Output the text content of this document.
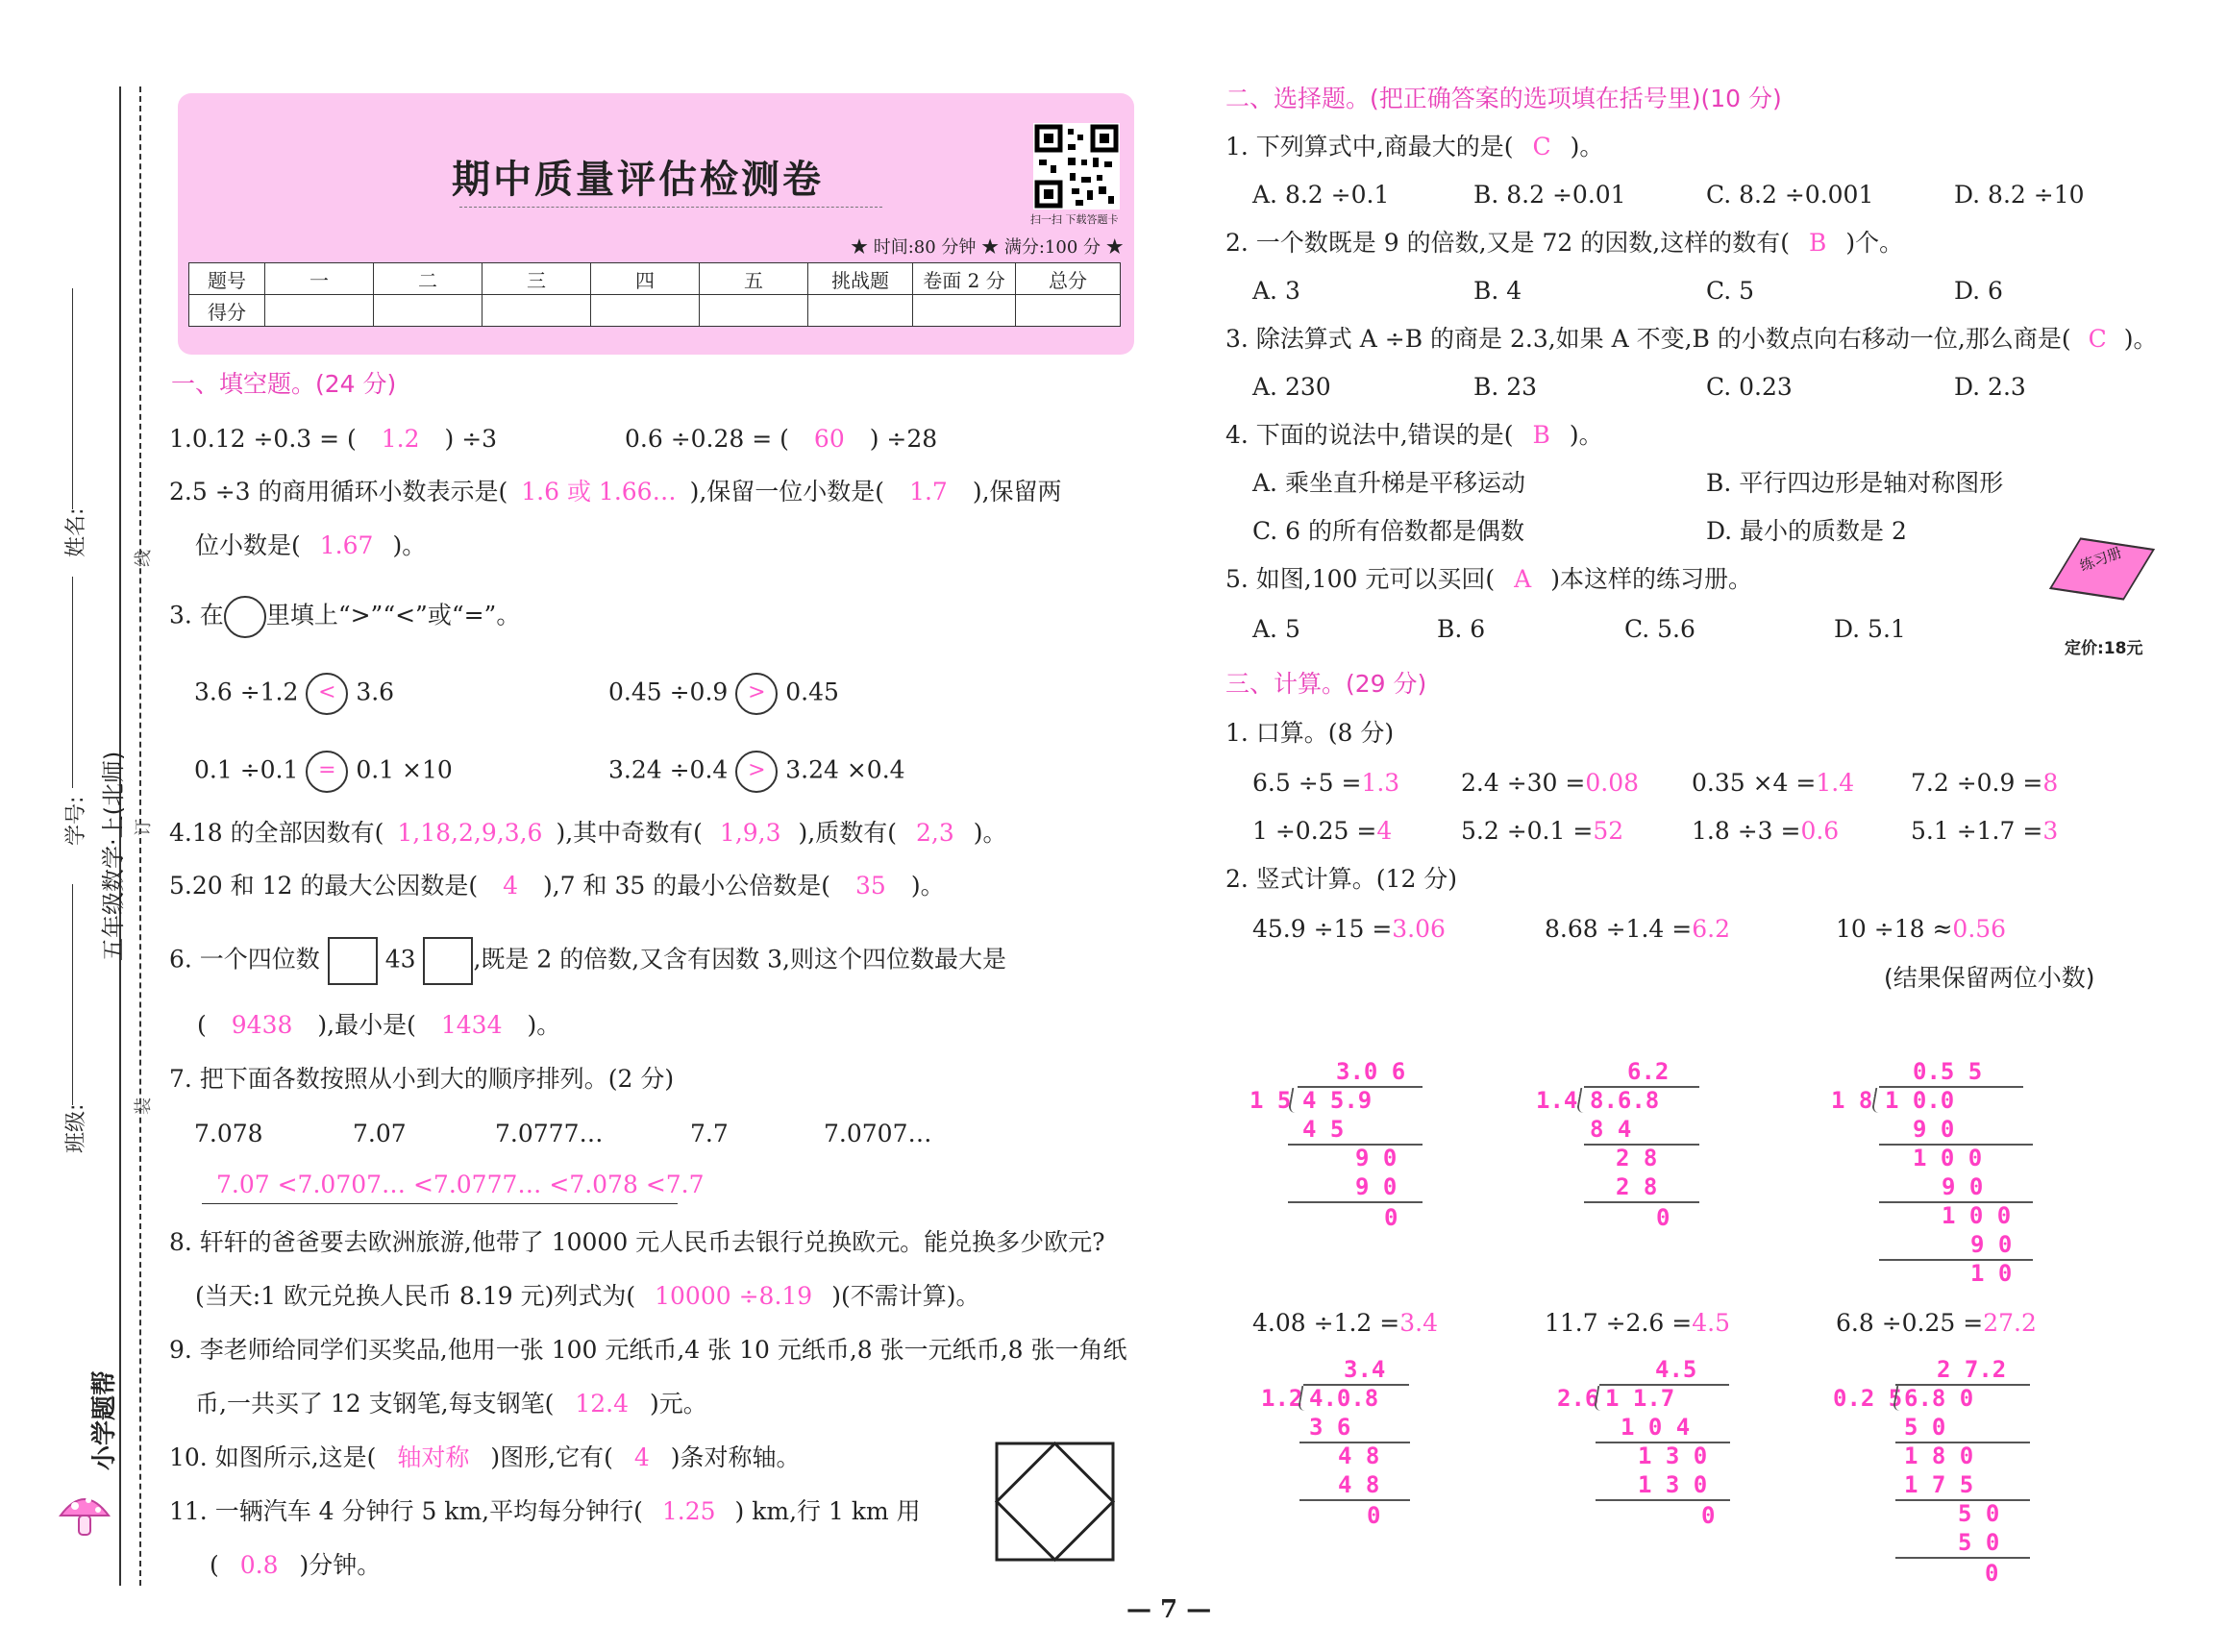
姓名:
学号: 五年级数学·上(北师)
班级:
线
订
装
小学题帮
期中质量评估检测卷
扫一扫 下载答题卡
★ 时间:80 分钟 ★ 满分:100 分 ★
题号	一	二	三	四	五	挑战题	卷面 2 分	总分
得分								
一、填空题。(24 分)
1.0.12 ÷0.3 = ( 1.2 ) ÷3	0.6 ÷0.28 = ( 60 ) ÷28
2.5 ÷3 的商用循环小数表示是( 1.6 或 1.66… ),保留一位小数是( 1.7 ),保留两
位小数是( 1.67 )。
3. 在 里填上“>”“<”或“=”。
3.6 ÷1.2 < 3.6	0.45 ÷0.9 > 0.45
0.1 ÷0.1 = 0.1 ×10	3.24 ÷0.4 > 3.24 ×0.4
4.18 的全部因数有( 1,18,2,9,3,6 ),其中奇数有( 1,9,3 ),质数有( 2,3 )。
5.20 和 12 的最大公因数是( 4 ),7 和 35 的最小公倍数是( 35 )。
6. 一个四位数	43 ,既是 2 的倍数,又含有因数 3,则这个四位数最大是
( 9438 ),最小是( 1434 )。
7. 把下面各数按照从小到大的顺序排列。(2 分)
7.078	7.07	7.0777…	7.7	7.0707…
7.07 <7.0707… <7.0777… <7.078 <7.7
8. 轩轩的爸爸要去欧洲旅游,他带了 10000 元人民币去银行兑换欧元。能兑换多少欧元?
(当天:1 欧元兑换人民币 8.19 元)列式为( 10000 ÷8.19 )(不需计算)。
9. 李老师给同学们买奖品,他用一张 100 元纸币,4 张 10 元纸币,8 张一元纸币,8 张一角纸
币,一共买了 12 支钢笔,每支钢笔( 12.4 )元。
10. 如图所示,这是( 轴对称 )图形,它有( 4 )条对称轴。
11. 一辆汽车 4 分钟行 5 km,平均每分钟行( 1.25 ) km,行 1 km 用
( 0.8 )分钟。
二、选择题。(把正确答案的选项填在括号里)(10 分)
1. 下列算式中,商最大的是( C )。
A. 8.2 ÷0.1	B. 8.2 ÷0.01	C. 8.2 ÷0.001	D. 8.2 ÷10
2. 一个数既是 9 的倍数,又是 72 的因数,这样的数有( B )个。
A. 3	B. 4	C. 5	D. 6
3. 除法算式 A ÷B 的商是 2.3,如果 A 不变,B 的小数点向右移动一位,那么商是( C )。
A. 230	B. 23	C. 0.23	D. 2.3
4. 下面的说法中,错误的是( B )。
A. 乘坐直升梯是平移运动	B. 平行四边形是轴对称图形
C. 6 的所有倍数都是偶数	D. 最小的质数是 2
5. 如图,100 元可以买回( A )本这样的练习册。
A. 5	B. 6	C. 5.6	D. 5.1
练习册
定价:18元
三、计算。(29 分)
1. 口算。(8 分)
6.5 ÷5 =1.3	2.4 ÷30 =0.08 0.35 ×4 =1.4 7.2 ÷0.9 =8
1 ÷0.25 =4	5.2 ÷0.1 =52	1.8 ÷3 =0.6	5.1 ÷1.7 =3
2. 竖式计算。(12 分)
45.9 ÷15 =3.06	8.68 ÷1.4 =6.2	10 ÷18 ≈0.56
(结果保留两位小数)
3.0 6
1 5 4 5.9
4 5
9 0
9 0
0
6.2
1.4 8.6.8
8 4
2 8
2 8
0
0.5 5
1 8 1 0.0
9 0
1 0 0
9 0
1 0 0
9 0
1 0
4.08 ÷1.2 =3.4	11.7 ÷2.6 =4.5	6.8 ÷0.25 =27.2
3.4
1.2 4.0.8
3 6
4 8
4 8
0
4.5
2.6 1 1.7
1 0 4
1 3 0
1 3 0
0
2 7.2
0.2 5 6.8 0
5 0
1 8 0
1 7 5
5 0
5 0
0
— 7 —
